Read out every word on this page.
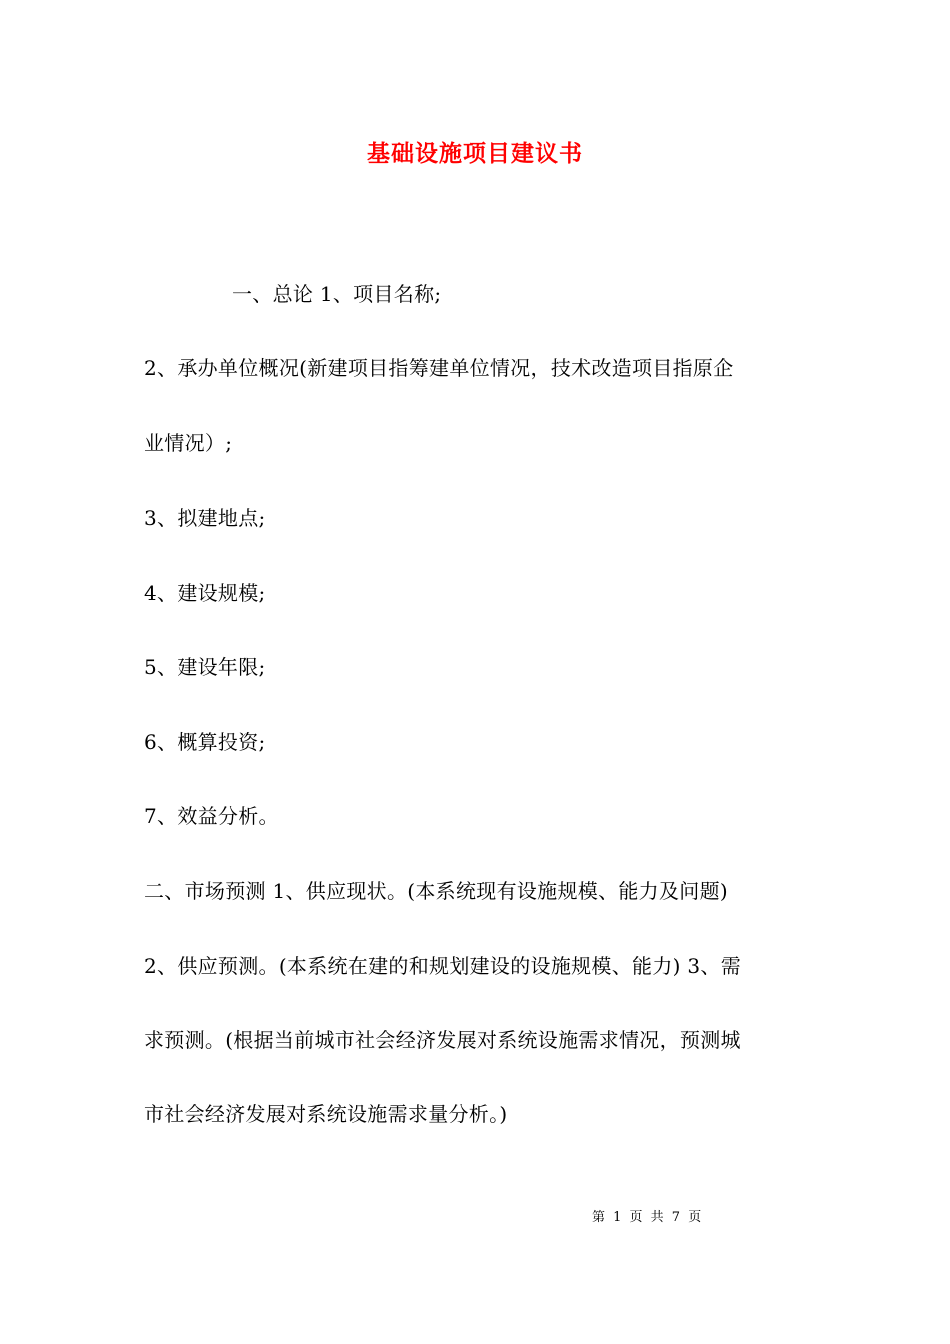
基础设施项目建议书
一、总论 1、项目名称;
2、承办单位概况(新建项目指筹建单位情况，技术改造项目指原企
业情况）;
3、拟建地点;
4、建设规模;
5、建设年限;
6、概算投资;
7、效益分析。
二、市场预测 1、供应现状。(本系统现有设施规模、能力及问题)
2、供应预测。(本系统在建的和规划建设的设施规模、能力) 3、需
求预测。(根据当前城市社会经济发展对系统设施需求情况，预测城
市社会经济发展对系统设施需求量分析。)
第 1 页 共 7 页
